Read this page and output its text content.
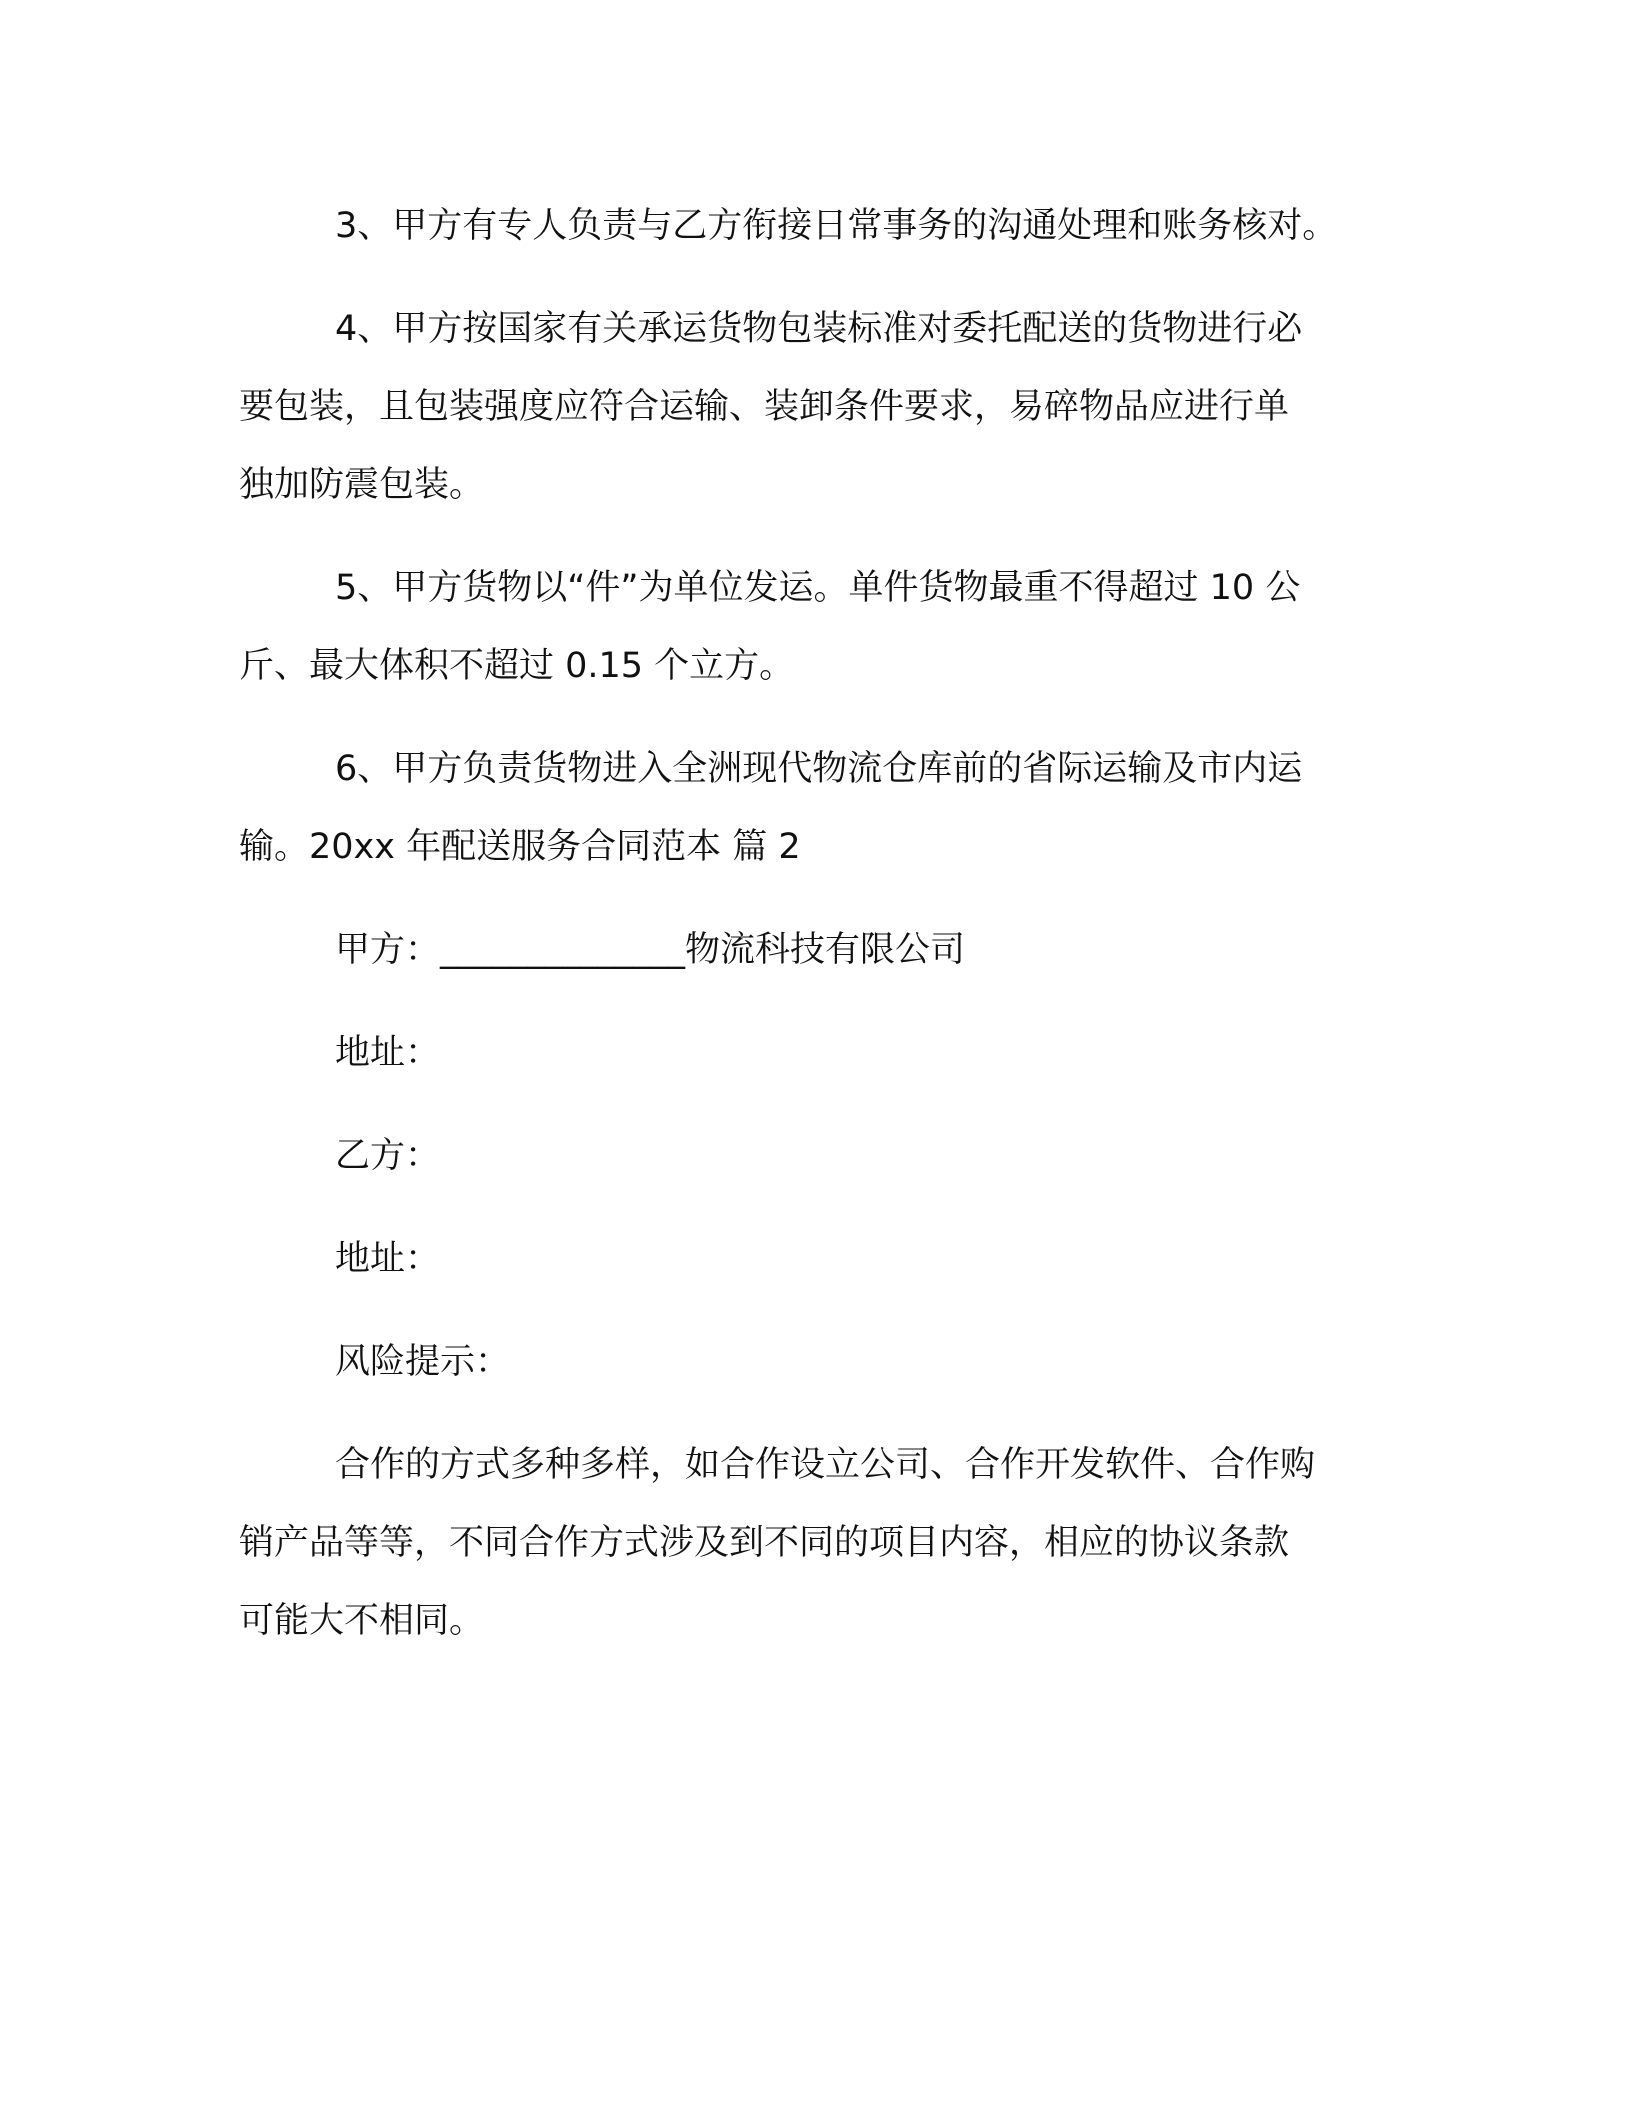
3、甲方有专人负责与乙方衔接日常事务的沟通处理和账务核对。
4、甲方按国家有关承运货物包装标准对委托配送的货物进行必
要包装，且包装强度应符合运输、装卸条件要求，易碎物品应进行单
独加防震包装。
5、甲方货物以“件”为单位发运。单件货物最重不得超过 10 公
斤、最大体积不超过 0.15 个立方。
6、甲方负责货物进入全洲现代物流仓库前的省际运输及市内运
输。20xx 年配送服务合同范本 篇 2
甲方：______________物流科技有限公司
地址：
乙方：
地址：
风险提示：
合作的方式多种多样，如合作设立公司、合作开发软件、合作购
销产品等等，不同合作方式涉及到不同的项目内容，相应的协议条款
可能大不相同。
